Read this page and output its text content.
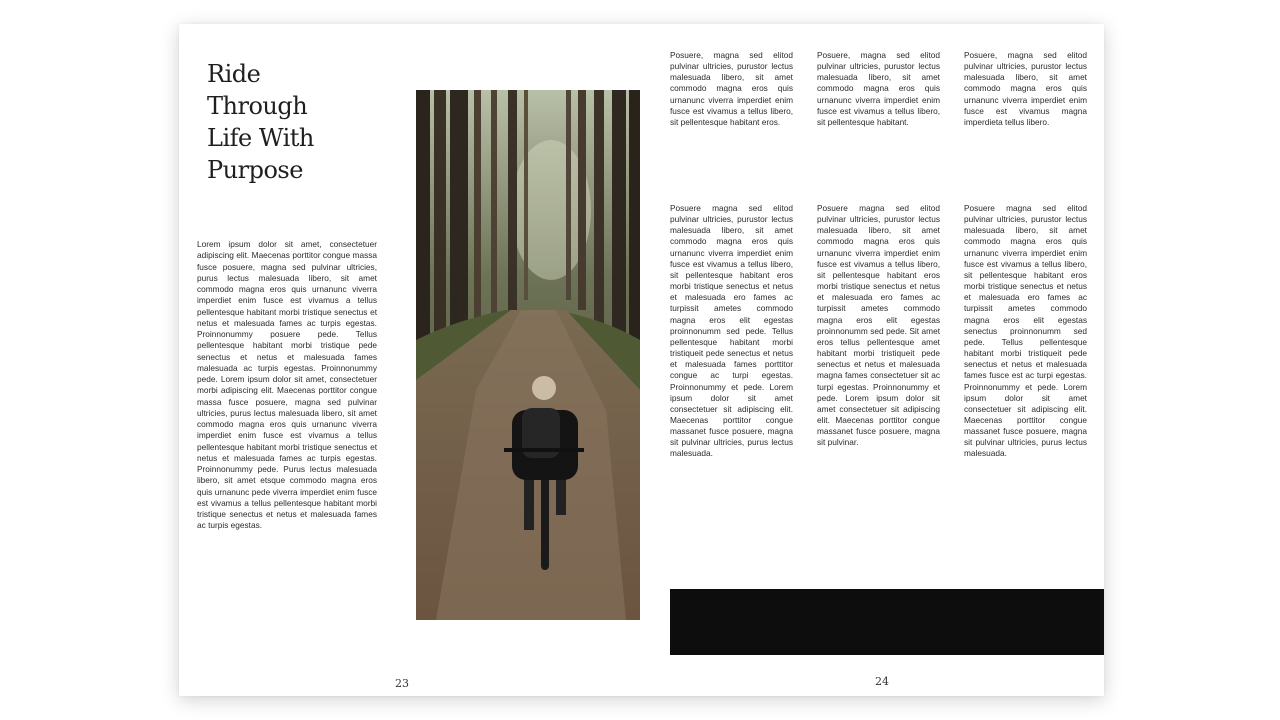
Ride
Through
Life With
Purpose

Lorem ipsum dolor sit amet, consectetuer adipiscing elit. Maecenas porttitor congue massa fusce posuere, magna sed pulvinar ultricies, purus lectus malesuada libero, sit amet commodo magna eros quis urnanunc viverra imperdiet enim fusce est vivamus a tellus pellentesque habitant morbi tristique senectus et netus et malesuada fames ac turpis egestas. Proinnonummy posuere pede. Tellus pellentesque habitant morbi tristique pede senectus et netus et malesuada fames malesuada ac turpis egestas. Proinnonummy pede. Lorem ipsum dolor sit amet, consectetuer morbi adipiscing elit. Maecenas porttitor congue massa fusce posuere, magna sed pulvinar ultricies, purus lectus malesuada libero, sit amet commodo magna eros quis urnanunc viverra imperdiet enim fusce est vivamus a tellus pellentesque habitant morbi tristique senectus et netus et malesuada fames ac turpis egestas. Proinnonummy pede. Purus lectus malesuada libero, sit amet etsque commodo magna eros quis urnanunc pede viverra imperdiet enim fusce est vivamus a tellus pellentesque habitant morbi tristique senectus et netus et malesuada fames ac turpis egestas.

Posuere, magna sed elitod pulvinar ultricies, purustor lectus malesuada libero, sit amet commodo magna eros quis urnanunc viverra imperdiet enim fusce est vivamus a tellus libero, sit pellentesque habitant eros.

Posuere, magna sed elitod pulvinar ultricies, purustor lectus malesuada libero, sit amet commodo magna eros quis urnanunc viverra imperdiet enim fusce est vivamus a tellus libero, sit pellentesque habitant.

Posuere, magna sed elitod pulvinar ultricies, purustor lectus malesuada libero, sit amet commodo magna eros quis urnanunc viverra imperdiet enim fusce est vivamus magna imperdieta tellus libero.

Posuere magna sed elitod pulvinar ultricies, purustor lectus malesuada libero, sit amet commodo magna eros quis urnanunc viverra imperdiet enim fusce est vivamus a tellus libero, sit pellentesque habitant eros morbi tristique senectus et netus et malesuada ero fames ac turpissit ametes commodo magna eros elit egestas proinnonumm sed pede. Tellus pellentesque habitant morbi tristiqueit pede senectus et netus et malesuada fames porttitor congue ac turpi egestas. Proinnonummy et pede. Lorem ipsum dolor sit amet consectetuer sit adipiscing elit. Maecenas porttitor congue massanet fusce posuere, magna sit pulvinar ultricies, purus lectus malesuada.

Posuere magna sed elitod pulvinar ultricies, purustor lectus malesuada libero, sit amet commodo magna eros quis urnanunc viverra imperdiet enim fusce est vivamus a tellus libero, sit pellentesque habitant eros morbi tristique senectus et netus et malesuada ero fames ac turpissit ametes commodo magna eros elit egestas proinnonumm sed pede. Sit amet eros tellus pellentesque amet habitant morbi tristiqueit pede senectus et netus et malesuada magna fames consectetuer sit ac turpi egestas. Proinnonummy et pede. Lorem ipsum dolor sit amet consectetuer sit adipiscing elit. Maecenas porttitor congue massanet fusce posuere, magna sit pulvinar.

Posuere magna sed elitod pulvinar ultricies, purustor lectus malesuada libero, sit amet commodo magna eros quis urnanunc viverra imperdiet enim fusce est vivamus a tellus libero, sit pellentesque habitant eros morbi tristique senectus et netus et malesuada ero fames ac turpissit ametes commodo magna eros elit egestas senectus proinnonumm sed pede. Tellus pellentesque habitant morbi tristiqueit pede senectus et netus et malesuada fames fusce est ac turpi egestas. Proinnonummy et pede. Lorem ipsum dolor sit amet consectetuer sit adipiscing elit. Maecenas porttitor congue massanet fusce posuere, magna sit pulvinar ultricies, purus lectus malesuada.

23	24
